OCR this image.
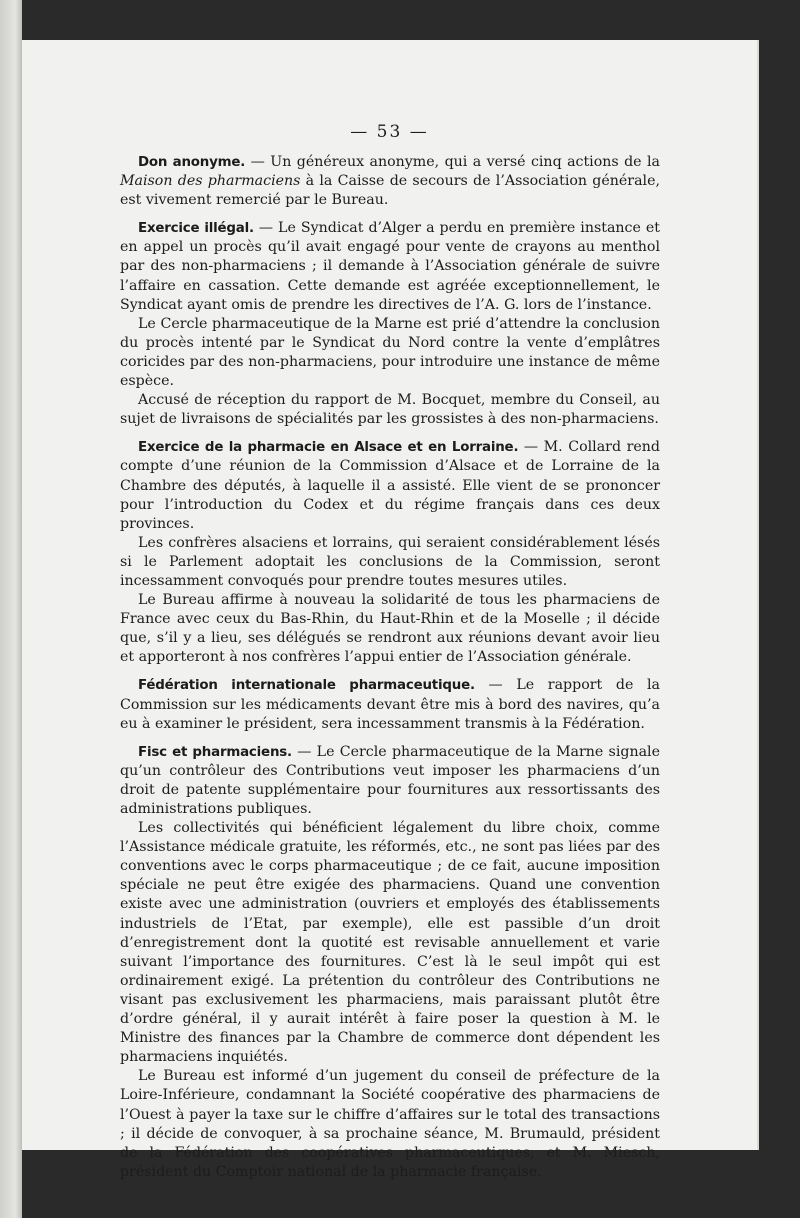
— 53 —

Don anonyme. — Un généreux anonyme, qui a versé cinq actions de la Maison des pharmaciens à la Caisse de secours de l’Association générale, est vivement remercié par le Bureau.

Exercice illégal. — Le Syndicat d’Alger a perdu en première instance et en appel un procès qu’il avait engagé pour vente de crayons au menthol par des non-pharmaciens ; il demande à l’Association générale de suivre l’affaire en cassation. Cette demande est agréée exceptionnellement, le Syndicat ayant omis de prendre les directives de l’A. G. lors de l’instance.

Le Cercle pharmaceutique de la Marne est prié d’attendre la conclusion du procès intenté par le Syndicat du Nord contre la vente d’emplâtres coricides par des non-pharmaciens, pour introduire une instance de même espèce.

Accusé de réception du rapport de M. Bocquet, membre du Conseil, au sujet de livraisons de spécialités par les grossistes à des non-pharmaciens.

Exercice de la pharmacie en Alsace et en Lorraine. — M. Collard rend compte d’une réunion de la Commission d’Alsace et de Lorraine de la Chambre des députés, à laquelle il a assisté. Elle vient de se prononcer pour l’introduction du Codex et du régime français dans ces deux provinces.

Les confrères alsaciens et lorrains, qui seraient considérablement lésés si le Parlement adoptait les conclusions de la Commission, seront incessamment convoqués pour prendre toutes mesures utiles.

Le Bureau affirme à nouveau la solidarité de tous les pharmaciens de France avec ceux du Bas-Rhin, du Haut-Rhin et de la Moselle ; il décide que, s’il y a lieu, ses délégués se rendront aux réunions devant avoir lieu et apporteront à nos confrères l’appui entier de l’Association générale.

Fédération internationale pharmaceutique. — Le rapport de la Commission sur les médicaments devant être mis à bord des navires, qu’a eu à examiner le président, sera incessamment transmis à la Fédération.

Fisc et pharmaciens. — Le Cercle pharmaceutique de la Marne signale qu’un contrôleur des Contributions veut imposer les pharmaciens d’un droit de patente supplémentaire pour fournitures aux ressortissants des administrations publiques.

Les collectivités qui bénéficient légalement du libre choix, comme l’Assistance médicale gratuite, les réformés, etc., ne sont pas liées par des conventions avec le corps pharmaceutique ; de ce fait, aucune imposition spéciale ne peut être exigée des pharmaciens. Quand une convention existe avec une administration (ouvriers et employés des établissements industriels de l’Etat, par exemple), elle est passible d’un droit d’enregistrement dont la quotité est revisable annuellement et varie suivant l’importance des fournitures. C’est là le seul impôt qui est ordinairement exigé. La prétention du contrôleur des Contributions ne visant pas exclusivement les pharmaciens, mais paraissant plutôt être d’ordre général, il y aurait intérêt à faire poser la question à M. le Ministre des finances par la Chambre de commerce dont dépendent les pharmaciens inquiétés.

Le Bureau est informé d’un jugement du conseil de préfecture de la Loire-Inférieure, condamnant la Société coopérative des pharmaciens de l’Ouest à payer la taxe sur le chiffre d’affaires sur le total des transactions ; il décide de convoquer, à sa prochaine séance, M. Brumauld, président de la Fédération des coopératives pharmaceutiques, et M. Miesch, président du Comptoir national de la pharmacie française.
